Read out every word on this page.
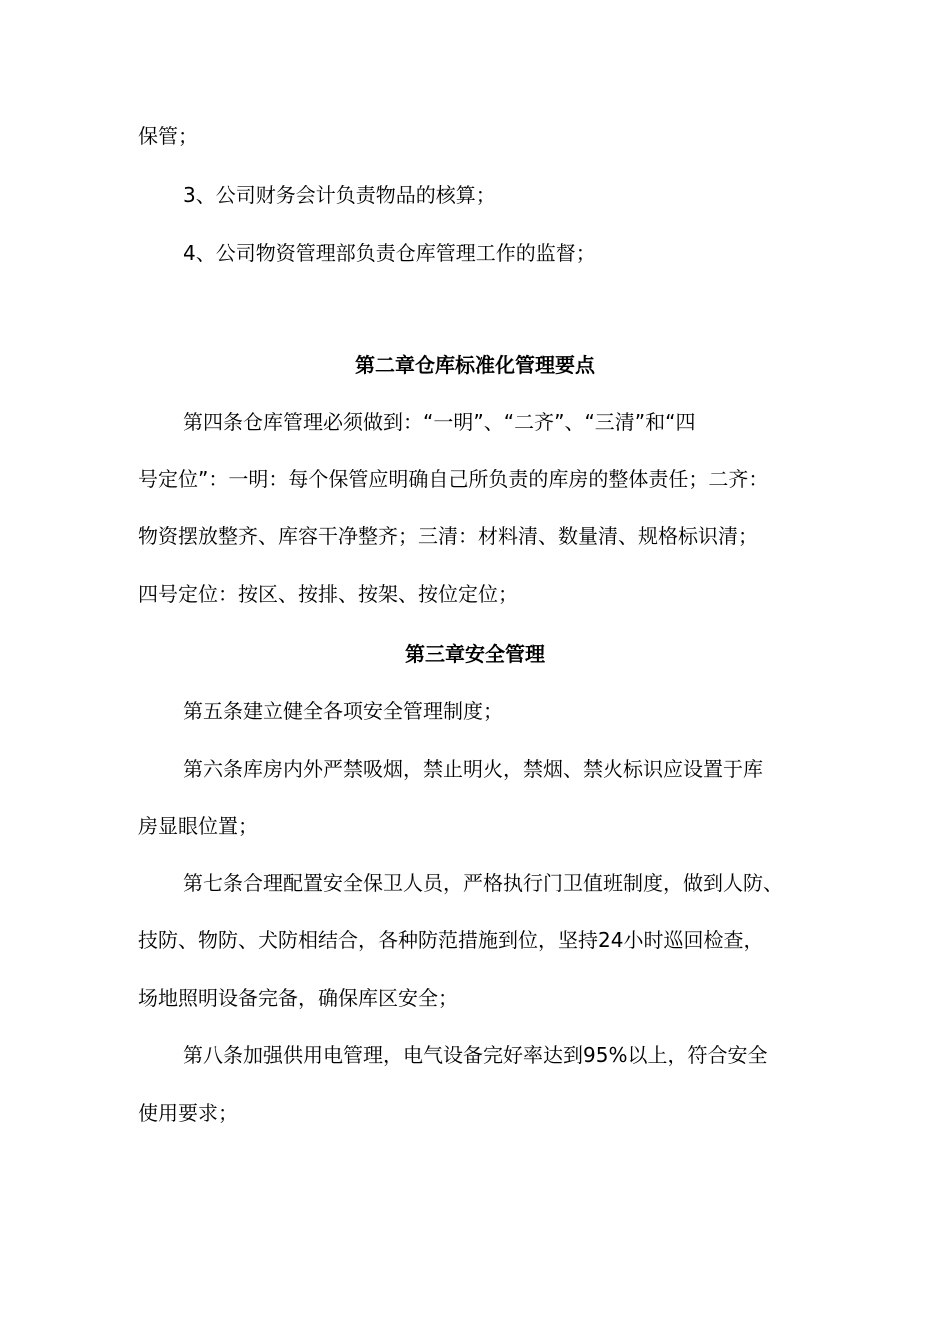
保管；
3、公司财务会计负责物品的核算；
4、公司物资管理部负责仓库管理工作的监督；
第二章仓库标准化管理要点
第四条仓库管理必须做到：“一明”、“二齐”、“三清”和“四
号定位”：一明：每个保管应明确自己所负责的库房的整体责任；二齐：
物资摆放整齐、库容干净整齐；三清：材料清、数量清、规格标识清；
四号定位：按区、按排、按架、按位定位；
第三章安全管理
第五条建立健全各项安全管理制度；
第六条库房内外严禁吸烟，禁止明火，禁烟、禁火标识应设置于库
房显眼位置；
第七条合理配置安全保卫人员，严格执行门卫值班制度，做到人防、
技防、物防、犬防相结合，各种防范措施到位，坚持24小时巡回检查，
场地照明设备完备，确保库区安全；
第八条加强供用电管理，电气设备完好率达到95%以上，符合安全
使用要求；
